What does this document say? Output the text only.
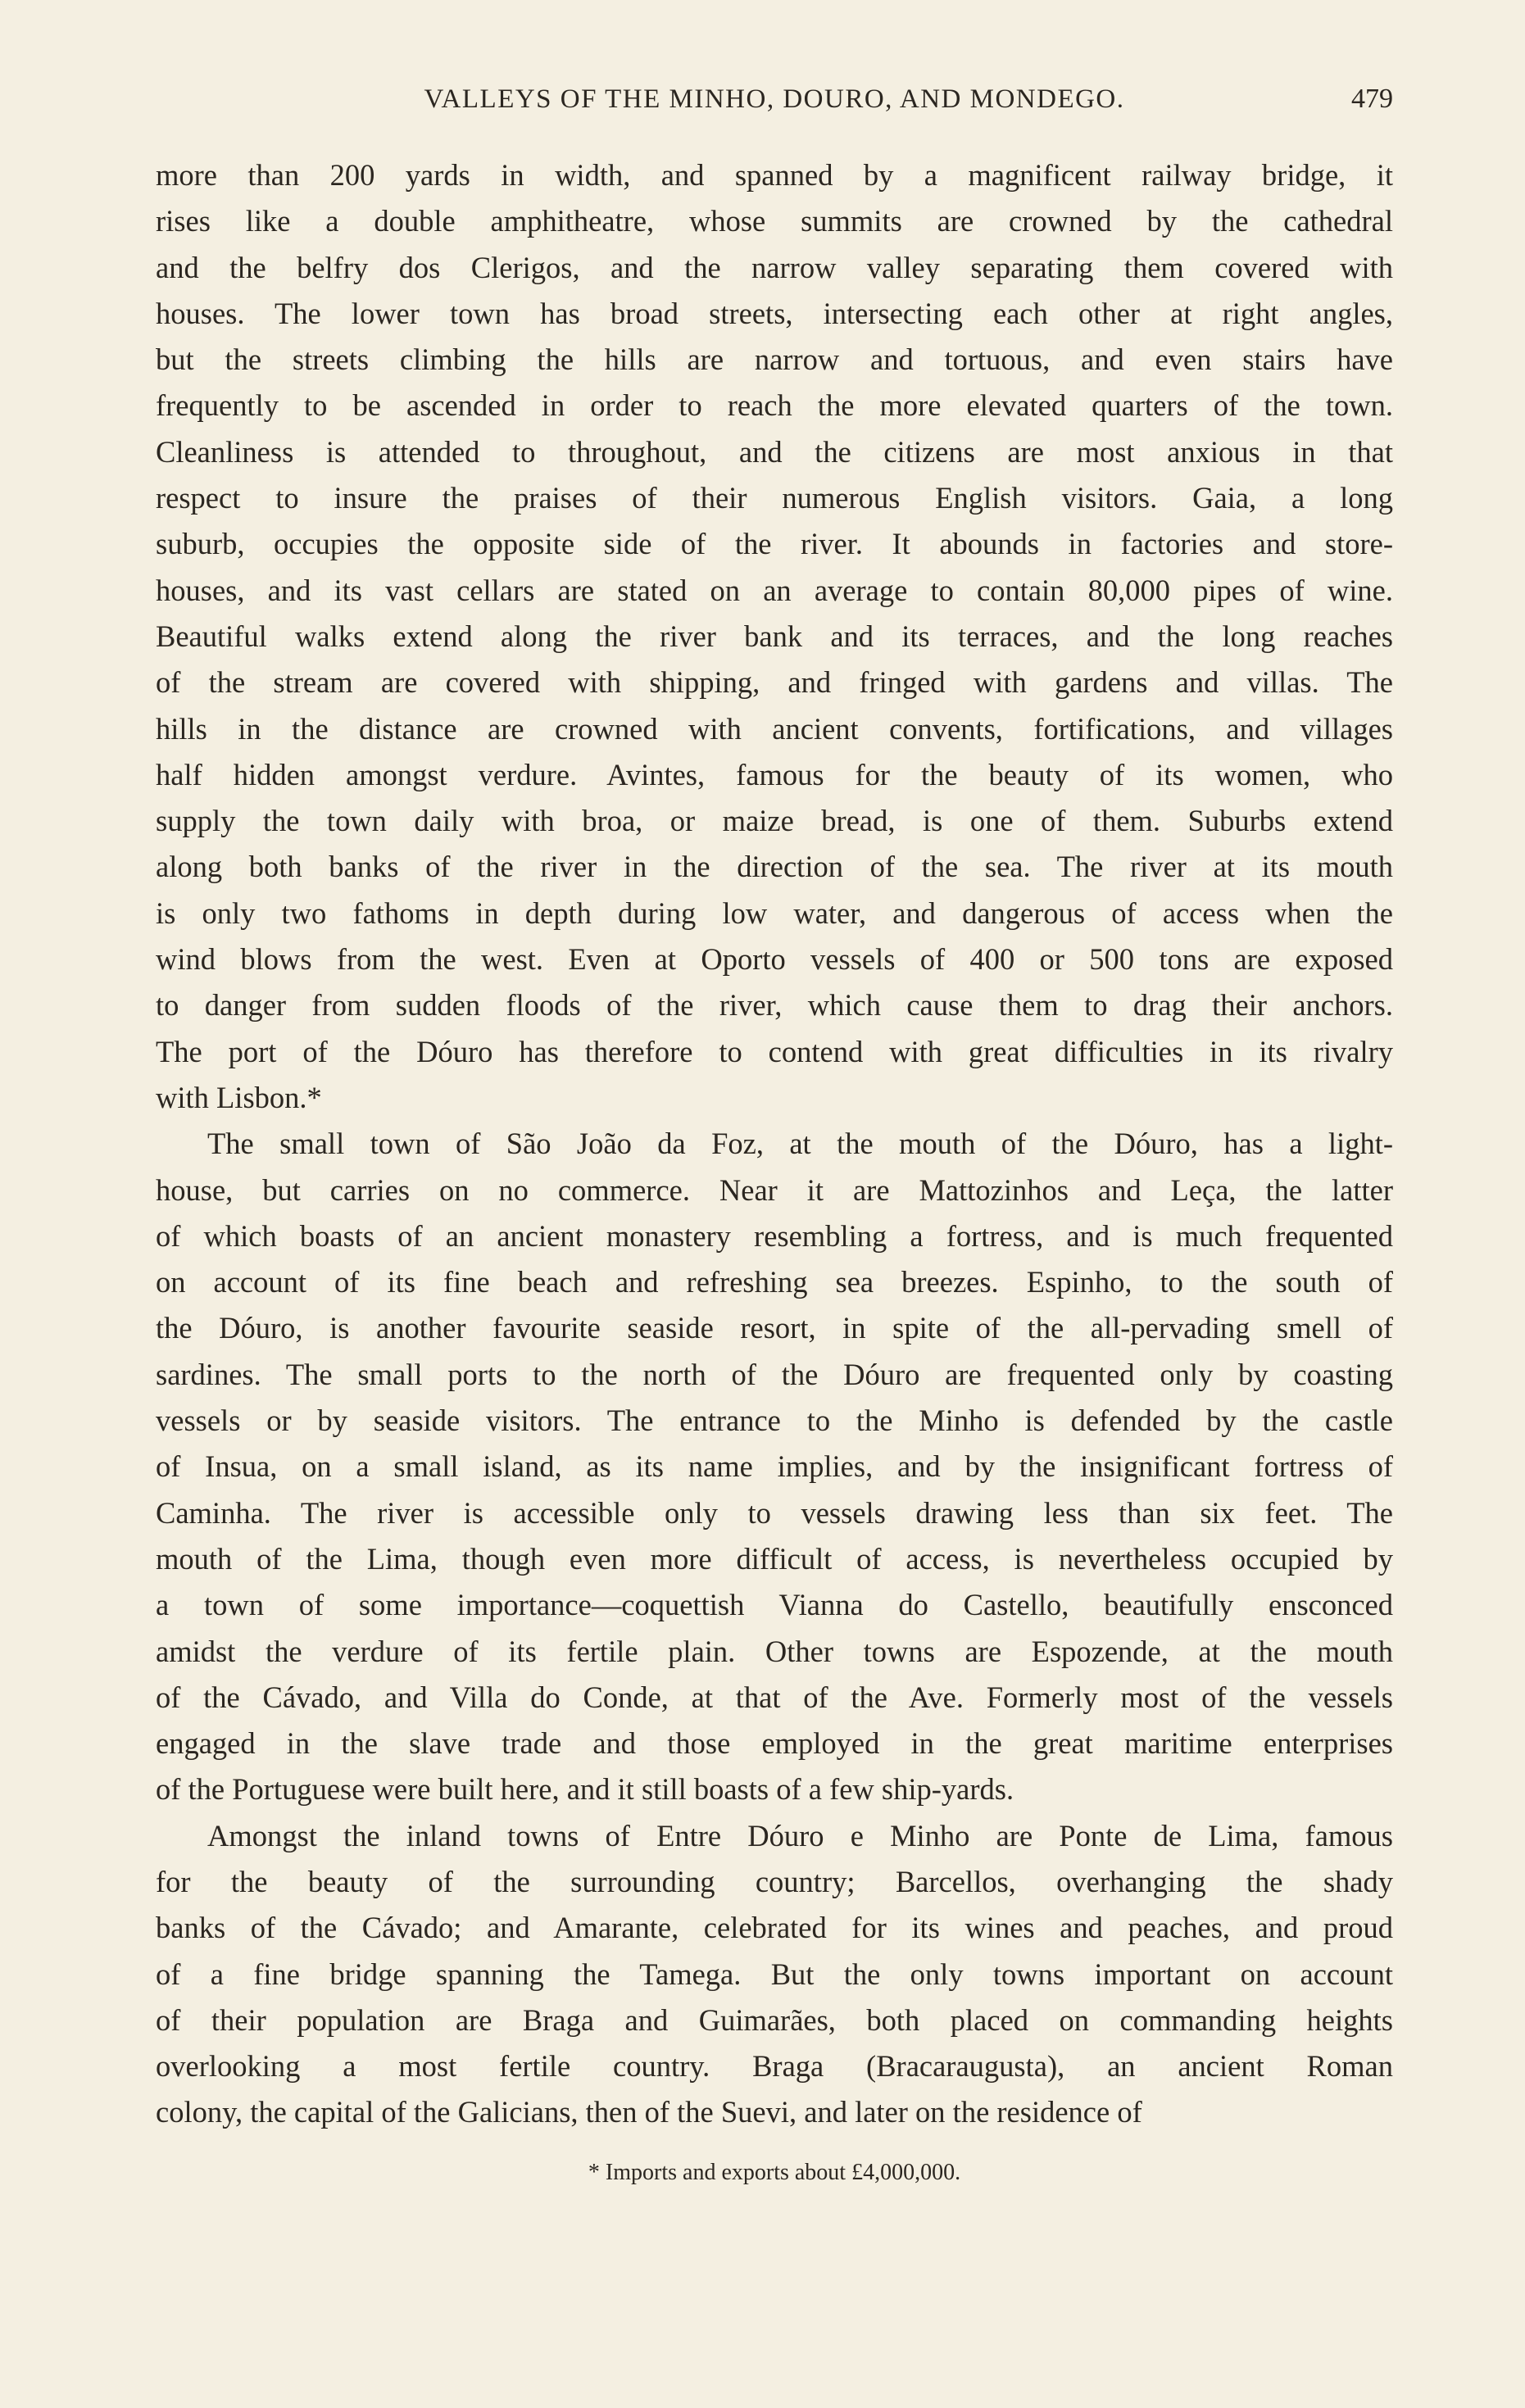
VALLEYS OF THE MINHO, DOURO, AND MONDEGO.	479
more than 200 yards in width, and spanned by a magnificent railway bridge, it
rises like a double amphitheatre, whose summits are crowned by the cathedral
and the belfry dos Clerigos, and the narrow valley separating them covered with
houses. The lower town has broad streets, intersecting each other at right angles,
but the streets climbing the hills are narrow and tortuous, and even stairs have
frequently to be ascended in order to reach the more elevated quarters of the town.
Cleanliness is attended to throughout, and the citizens are most anxious in that
respect to insure the praises of their numerous English visitors. Gaia, a long
suburb, occupies the opposite side of the river. It abounds in factories and store-
houses, and its vast cellars are stated on an average to contain 80,000 pipes of wine.
Beautiful walks extend along the river bank and its terraces, and the long reaches
of the stream are covered with shipping, and fringed with gardens and villas. The
hills in the distance are crowned with ancient convents, fortifications, and villages
half hidden amongst verdure. Avintes, famous for the beauty of its women, who
supply the town daily with broa, or maize bread, is one of them. Suburbs extend
along both banks of the river in the direction of the sea. The river at its mouth
is only two fathoms in depth during low water, and dangerous of access when the
wind blows from the west. Even at Oporto vessels of 400 or 500 tons are exposed
to danger from sudden floods of the river, which cause them to drag their anchors.
The port of the Dóuro has therefore to contend with great difficulties in its rivalry
with Lisbon.*
The small town of São João da Foz, at the mouth of the Dóuro, has a light-
house, but carries on no commerce. Near it are Mattozinhos and Leça, the latter
of which boasts of an ancient monastery resembling a fortress, and is much frequented
on account of its fine beach and refreshing sea breezes. Espinho, to the south of
the Dóuro, is another favourite seaside resort, in spite of the all-pervading smell of
sardines. The small ports to the north of the Dóuro are frequented only by coasting
vessels or by seaside visitors. The entrance to the Minho is defended by the castle
of Insua, on a small island, as its name implies, and by the insignificant fortress of
Caminha. The river is accessible only to vessels drawing less than six feet. The
mouth of the Lima, though even more difficult of access, is nevertheless occupied by
a town of some importance—coquettish Vianna do Castello, beautifully ensconced
amidst the verdure of its fertile plain. Other towns are Espozende, at the mouth
of the Cávado, and Villa do Conde, at that of the Ave. Formerly most of the vessels
engaged in the slave trade and those employed in the great maritime enterprises
of the Portuguese were built here, and it still boasts of a few ship-yards.
Amongst the inland towns of Entre Dóuro e Minho are Ponte de Lima, famous
for the beauty of the surrounding country; Barcellos, overhanging the shady
banks of the Cávado; and Amarante, celebrated for its wines and peaches, and proud
of a fine bridge spanning the Tamega. But the only towns important on account
of their population are Braga and Guimarães, both placed on commanding heights
overlooking a most fertile country. Braga (Bracaraugusta), an ancient Roman
colony, the capital of the Galicians, then of the Suevi, and later on the residence of
* Imports and exports about £4,000,000.
